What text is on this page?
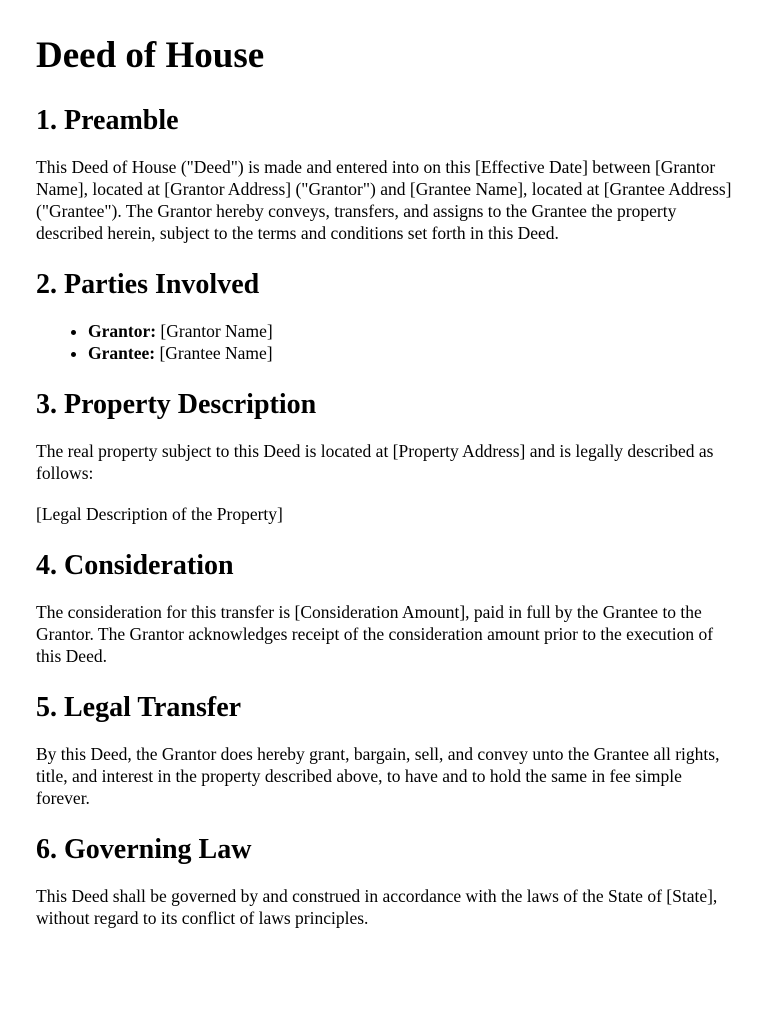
Deed of House
1. Preamble

This Deed of House ("Deed") is made and entered into on this [Effective Date] between [Grantor Name], located at [Grantor Address] ("Grantor") and [Grantee Name], located at [Grantee Address] ("Grantee"). The Grantor hereby conveys, transfers, and assigns to the Grantee the property described herein, subject to the terms and conditions set forth in this Deed.

2. Parties Involved
• Grantor: [Grantor Name]
• Grantee: [Grantee Name]
3. Property Description

The real property subject to this Deed is located at [Property Address] and is legally described as follows:

[Legal Description of the Property]

4. Consideration

The consideration for this transfer is [Consideration Amount], paid in full by the Grantee to the Grantor. The Grantor acknowledges receipt of the consideration amount prior to the execution of this Deed.

5. Legal Transfer

By this Deed, the Grantor does hereby grant, bargain, sell, and convey unto the Grantee all rights, title, and interest in the property described above, to have and to hold the same in fee simple forever.

6. Governing Law

This Deed shall be governed by and construed in accordance with the laws of the State of [State], without regard to its conflict of laws principles.
